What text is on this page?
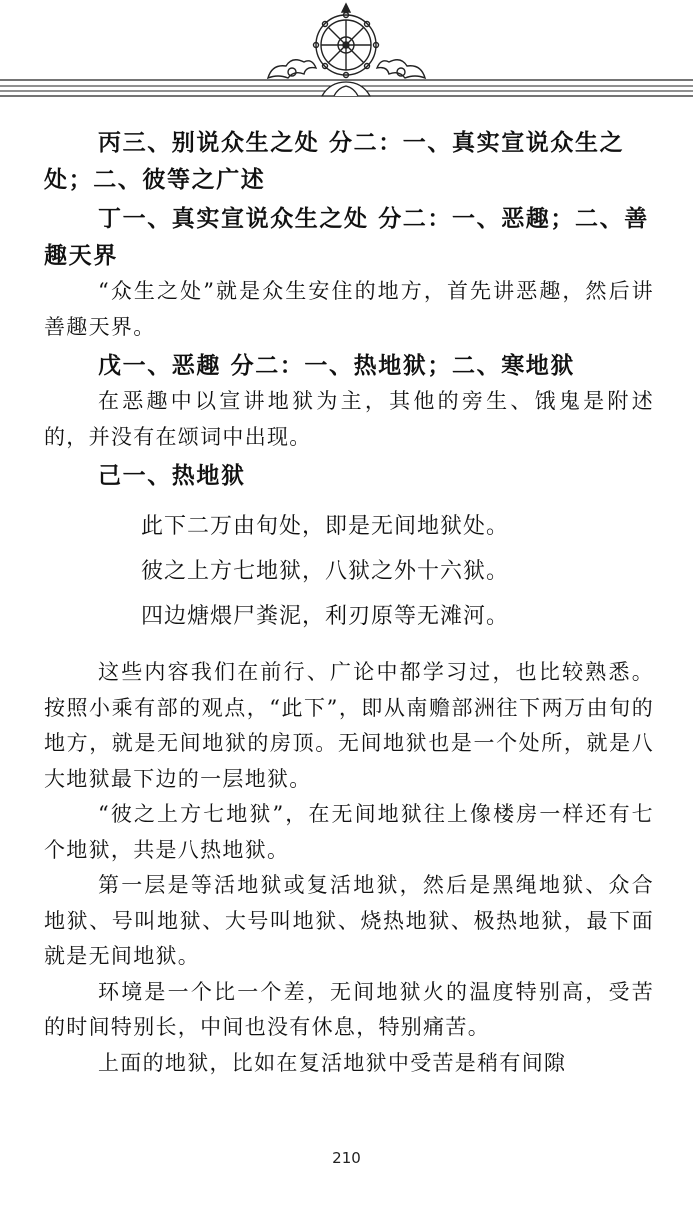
丙三、别说众生之处 分二：一、真实宣说众生之处；二、彼等之广述

丁一、真实宣说众生之处 分二：一、恶趣；二、善趣天界

“众生之处”就是众生安住的地方，首先讲恶趣，然后讲善趣天界。

戊一、恶趣 分二：一、热地狱；二、寒地狱

在恶趣中以宣讲地狱为主，其他的旁生、饿鬼是附述的，并没有在颂词中出现。

己一、热地狱

此下二万由旬处，即是无间地狱处。

彼之上方七地狱，八狱之外十六狱。

四边煻煨尸粪泥，利刃原等无滩河。

这些内容我们在前行、广论中都学习过，也比较熟悉。按照小乘有部的观点，“此下”，即从南赡部洲往下两万由旬的地方，就是无间地狱的房顶。无间地狱也是一个处所，就是八大地狱最下边的一层地狱。

“彼之上方七地狱”，在无间地狱往上像楼房一样还有七个地狱，共是八热地狱。

第一层是等活地狱或复活地狱，然后是黑绳地狱、众合地狱、号叫地狱、大号叫地狱、烧热地狱、极热地狱，最下面就是无间地狱。

环境是一个比一个差，无间地狱火的温度特别高，受苦的时间特别长，中间也没有休息，特别痛苦。

上面的地狱，比如在复活地狱中受苦是稍有间隙

210
